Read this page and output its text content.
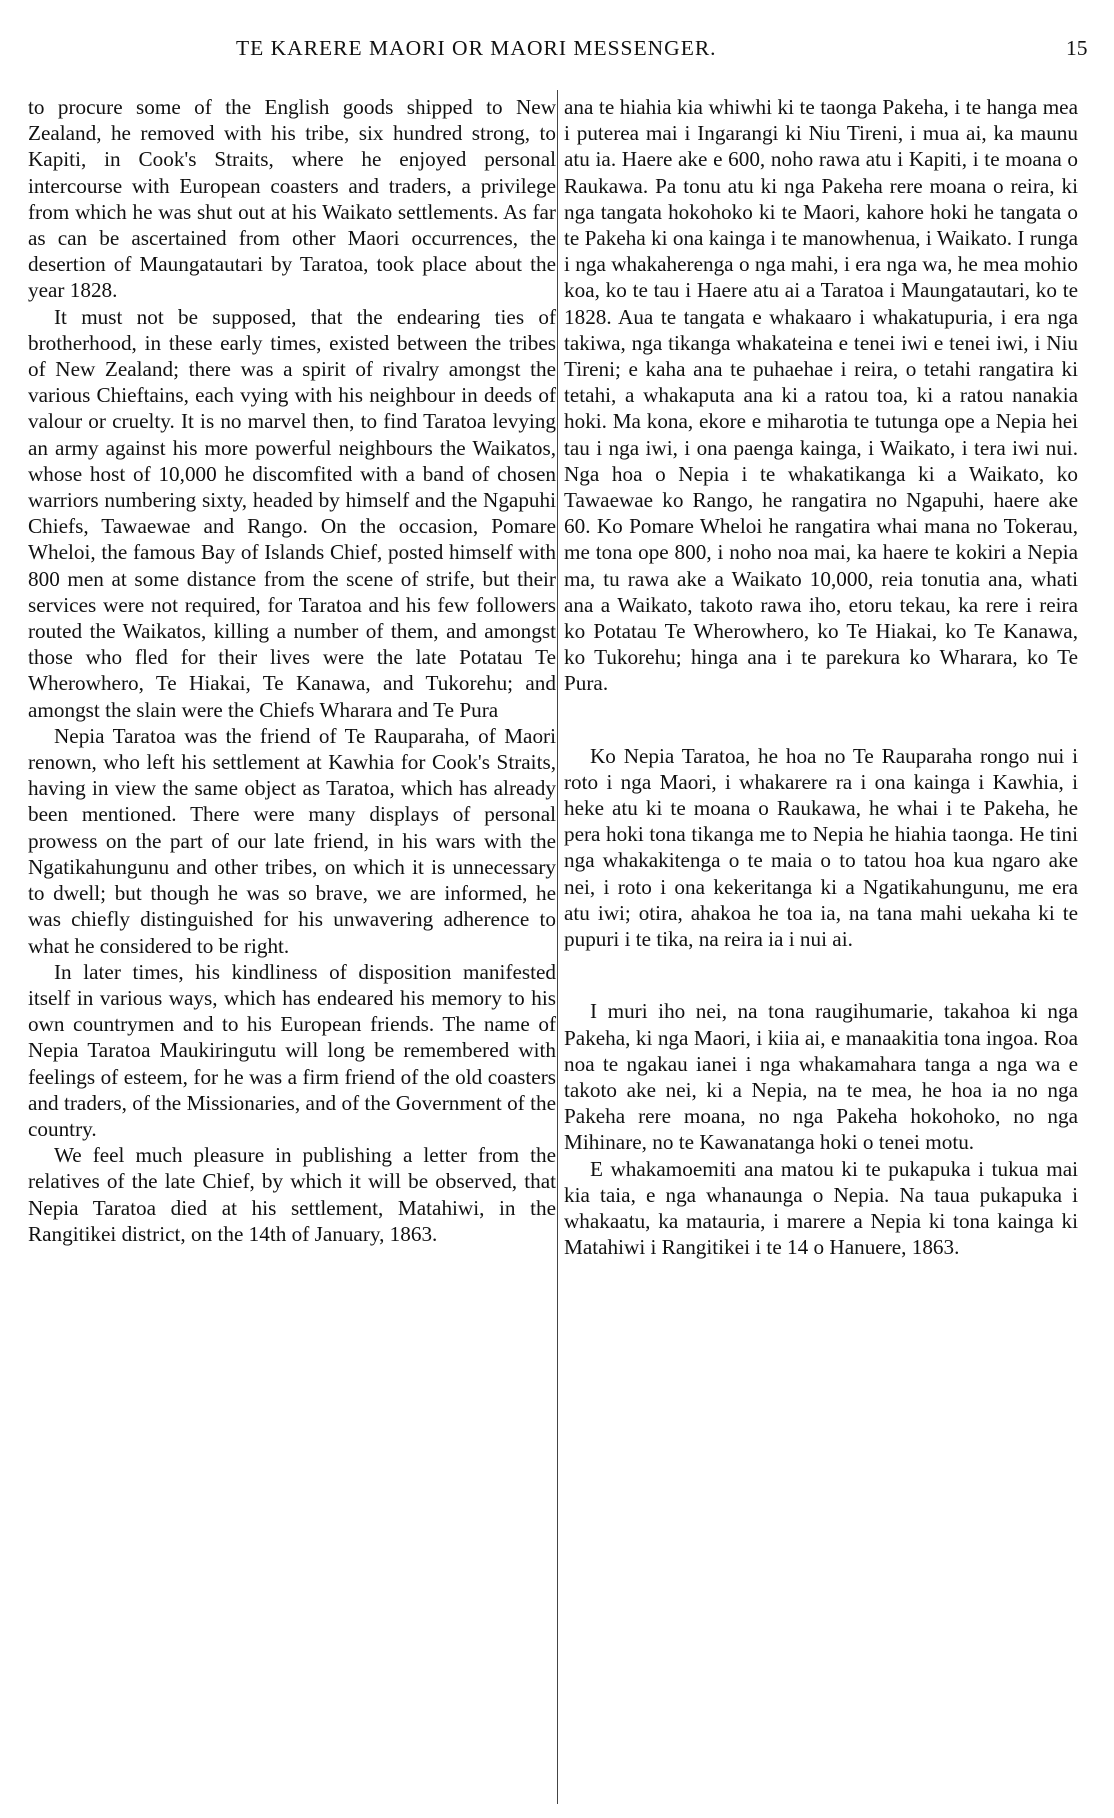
TE KARERE MAORI OR MAORI MESSENGER.	15

to procure some of the English goods shipped to New Zealand, he removed with his tribe, six hundred strong, to Kapiti, in Cook's Straits, where he enjoyed personal intercourse with European coasters and traders, a privilege from which he was shut out at his Waikato settlements. As far as can be ascertained from other Maori occurrences, the desertion of Maungatautari by Taratoa, took place about the year 1828.

It must not be supposed, that the endearing ties of brotherhood, in these early times, existed between the tribes of New Zealand; there was a spirit of rivalry amongst the various Chieftains, each vying with his neighbour in deeds of valour or cruelty. It is no marvel then, to find Taratoa levying an army against his more powerful neighbours the Waikatos, whose host of 10,000 he discomfited with a band of chosen warriors numbering sixty, headed by himself and the Ngapuhi Chiefs, Tawaewae and Rango. On the occasion, Pomare Wheloi, the famous Bay of Islands Chief, posted himself with 800 men at some distance from the scene of strife, but their services were not required, for Taratoa and his few followers routed the Waikatos, killing a number of them, and amongst those who fled for their lives were the late Potatau Te Wherowhero, Te Hiakai, Te Kanawa, and Tukorehu; and amongst the slain were the Chiefs Wharara and Te Pura

Nepia Taratoa was the friend of Te Rauparaha, of Maori renown, who left his settlement at Kawhia for Cook's Straits, having in view the same object as Taratoa, which has already been mentioned. There were many displays of personal prowess on the part of our late friend, in his wars with the Ngatikahungunu and other tribes, on which it is unnecessary to dwell; but though he was so brave, we are informed, he was chiefly distinguished for his unwavering adherence to what he considered to be right.

In later times, his kindliness of disposition manifested itself in various ways, which has endeared his memory to his own countrymen and to his European friends. The name of Nepia Taratoa Maukiringutu will long be remembered with feelings of esteem, for he was a firm friend of the old coasters and traders, of the Missionaries, and of the Government of the country.

We feel much pleasure in publishing a letter from the relatives of the late Chief, by which it will be observed, that Nepia Taratoa died at his settlement, Matahiwi, in the Rangitikei district, on the 14th of January, 1863.

ana te hiahia kia whiwhi ki te taonga Pakeha, i te hanga mea i puterea mai i Ingarangi ki Niu Tireni, i mua ai, ka maunu atu ia. Haere ake e 600, noho rawa atu i Kapiti, i te moana o Raukawa. Pa tonu atu ki nga Pakeha rere moana o reira, ki nga tangata hokohoko ki te Maori, kahore hoki he tangata o te Pakeha ki ona kainga i te manowhenua, i Waikato. I runga i nga whakaherenga o nga mahi, i era nga wa, he mea mohio koa, ko te tau i Haere atu ai a Taratoa i Maungatautari, ko te 1828. Aua te tangata e whakaaro i whakatupuria, i era nga takiwa, nga tikanga whakateina e tenei iwi e tenei iwi, i Niu Tireni; e kaha ana te puhaehae i reira, o tetahi rangatira ki tetahi, a whakaputa ana ki a ratou toa, ki a ratou nanakia hoki. Ma kona, ekore e miharotia te tutunga ope a Nepia hei tau i nga iwi, i ona paenga kainga, i Waikato, i tera iwi nui. Nga hoa o Nepia i te whakatikanga ki a Waikato, ko Tawaewae ko Rango, he rangatira no Ngapuhi, haere ake 60. Ko Pomare Wheloi he rangatira whai mana no Tokerau, me tona ope 800, i noho noa mai, ka haere te kokiri a Nepia ma, tu rawa ake a Waikato 10,000, reia tonutia ana, whati ana a Waikato, takoto rawa iho, etoru tekau, ka rere i reira ko Potatau Te Wherowhero, ko Te Hiakai, ko Te Kanawa, ko Tukorehu; hinga ana i te parekura ko Wharara, ko Te Pura.

Ko Nepia Taratoa, he hoa no Te Rauparaha rongo nui i roto i nga Maori, i whakarere ra i ona kainga i Kawhia, i heke atu ki te moana o Raukawa, he whai i te Pakeha, he pera hoki tona tikanga me to Nepia he hiahia taonga. He tini nga whakakitenga o te maia o to tatou hoa kua ngaro ake nei, i roto i ona kekeritanga ki a Ngatikahungunu, me era atu iwi; otira, ahakoa he toa ia, na tana mahi uekaha ki te pupuri i te tika, na reira ia i nui ai.

I muri iho nei, na tona raugihumarie, takahoa ki nga Pakeha, ki nga Maori, i kiia ai, e manaakitia tona ingoa. Roa noa te ngakau ianei i nga whakamahara tanga a nga wa e takoto ake nei, ki a Nepia, na te mea, he hoa ia no nga Pakeha rere moana, no nga Pakeha hokohoko, no nga Mihinare, no te Kawanatanga hoki o tenei motu.

E whakamoemiti ana matou ki te pukapuka i tukua mai kia taia, e nga whanaunga o Nepia. Na taua pukapuka i whakaatu, ka matauria, i marere a Nepia ki tona kainga ki Matahiwi i Rangitikei i te 14 o Hanuere, 1863.
